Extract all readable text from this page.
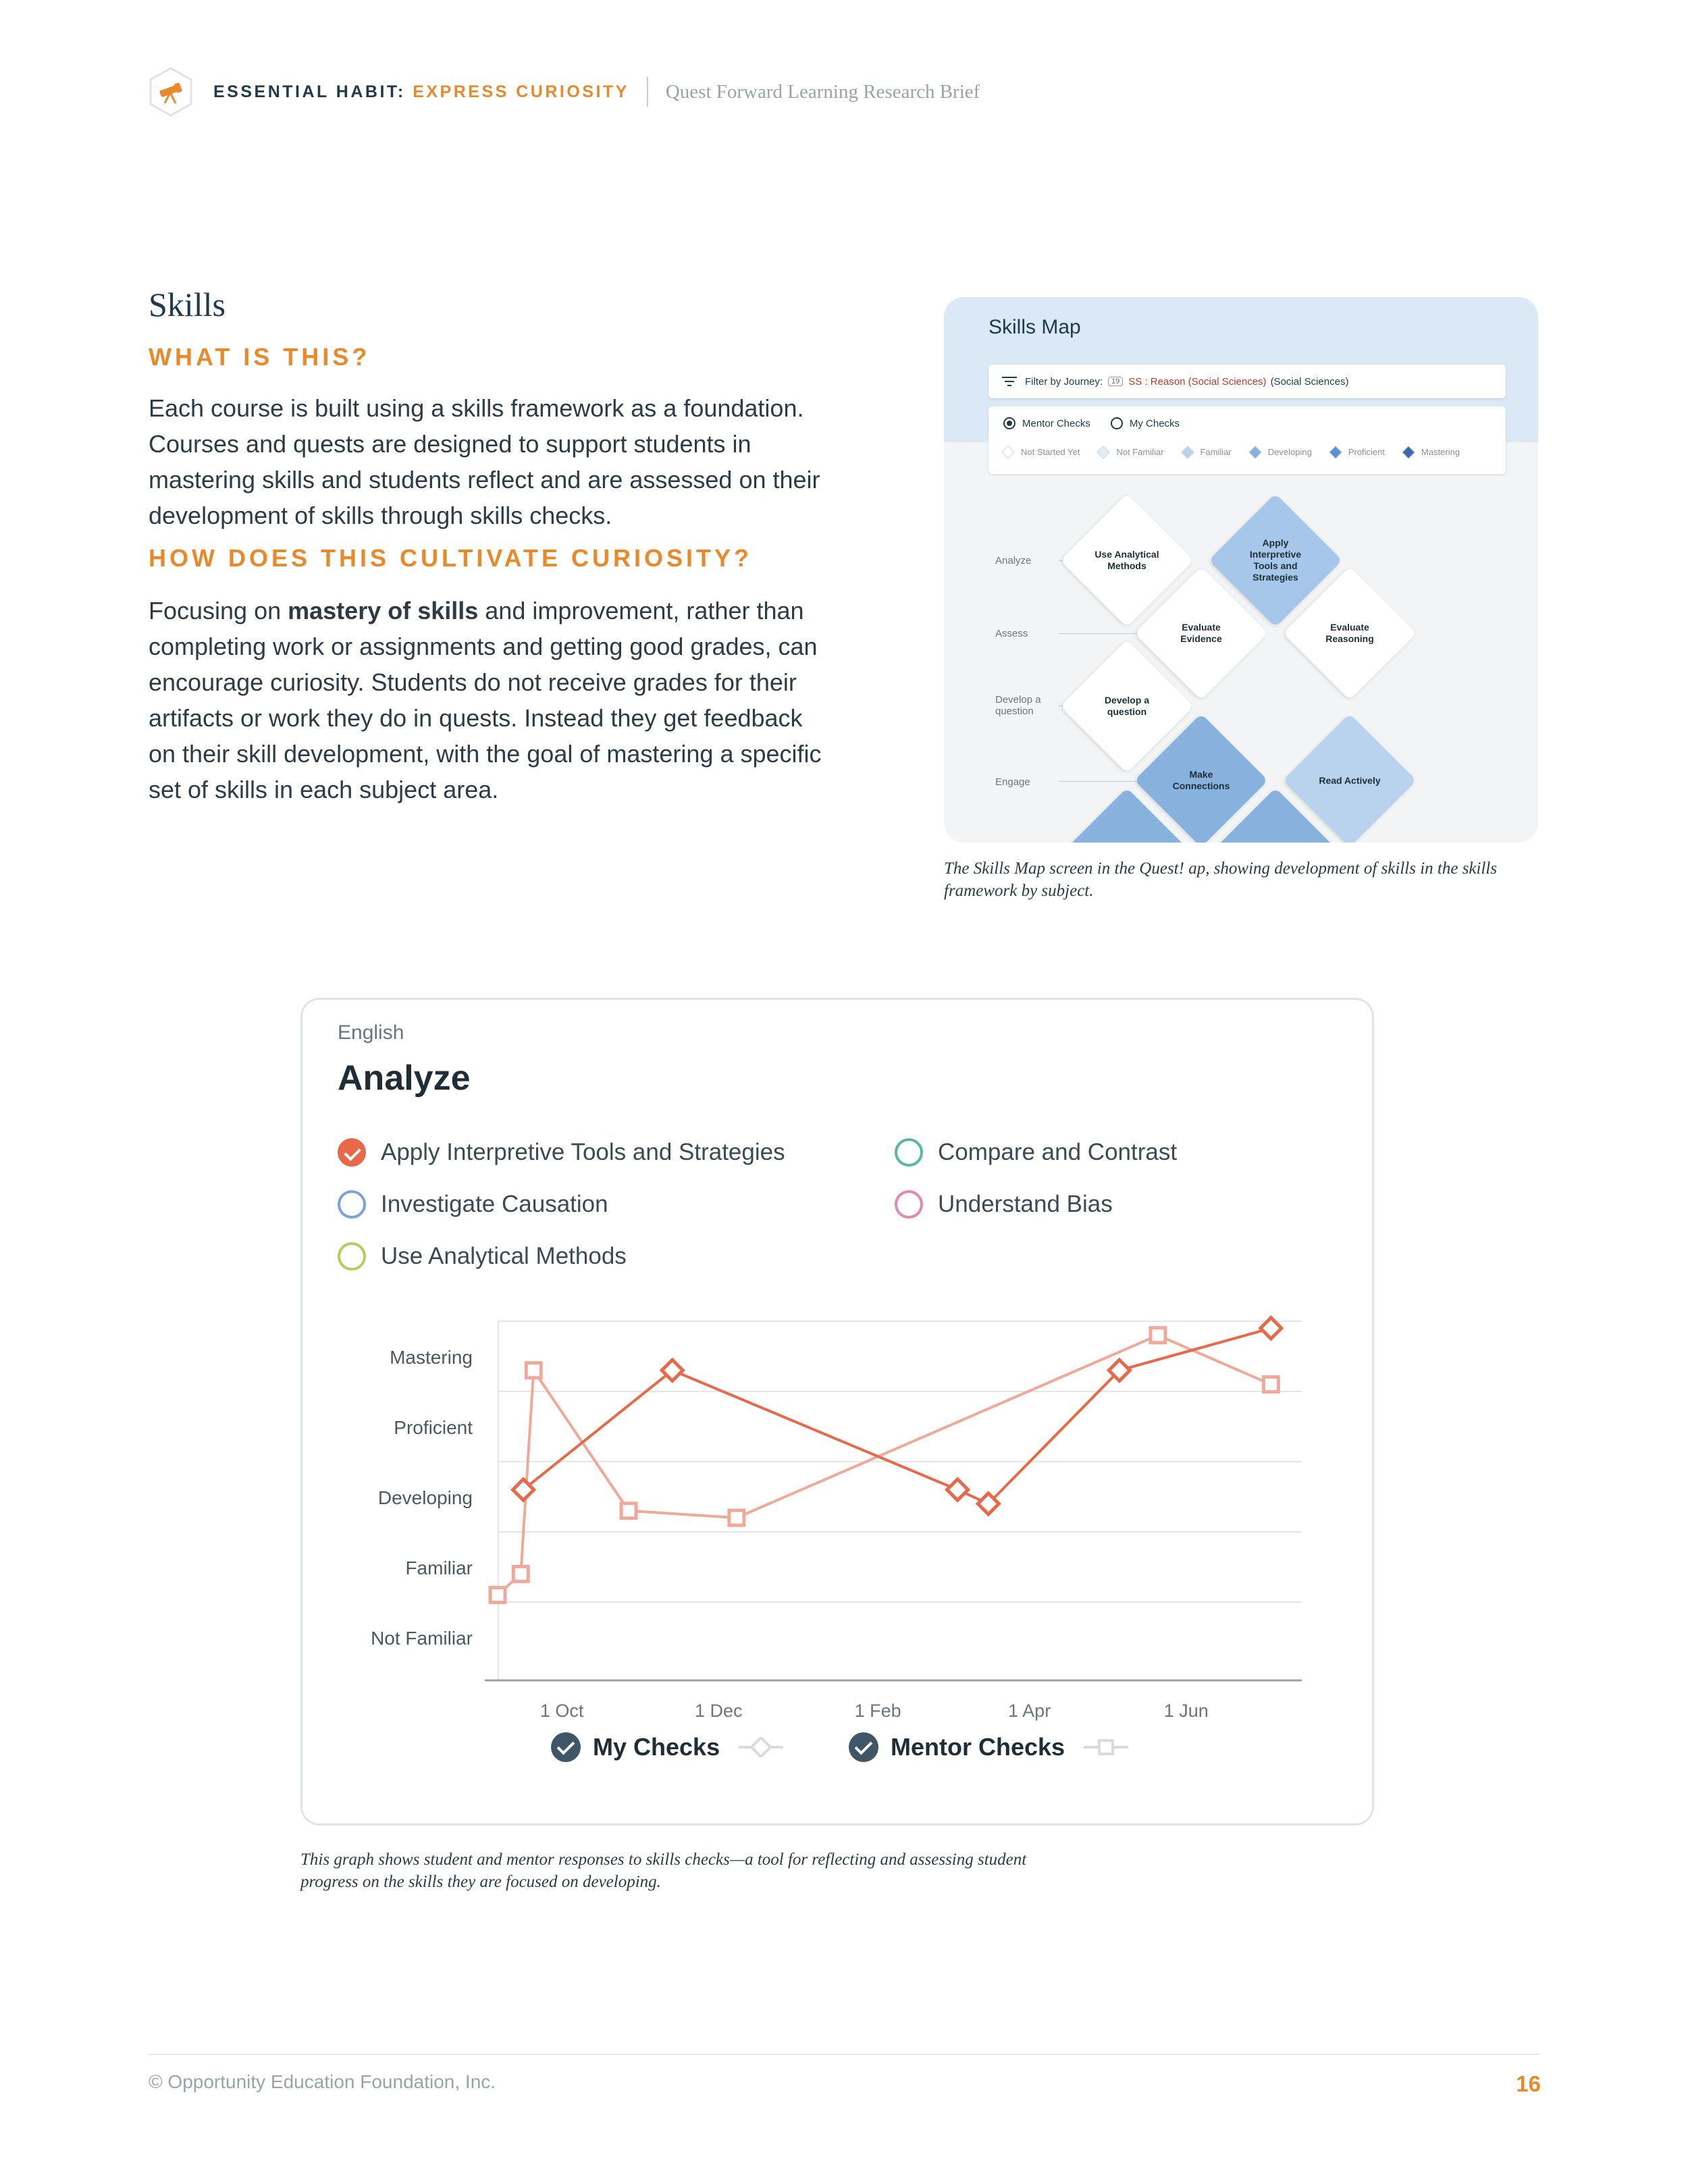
ESSENTIAL HABIT: EXPRESS CURIOSITY Quest Forward Learning Research Brief
Skills
WHAT IS THIS?
Each course is built using a skills framework as a foundation. Courses and quests are designed to support students in mastering skills and students reflect and are assessed on their development of skills through skills checks.
HOW DOES THIS CULTIVATE CURIOSITY?
Focusing on mastery of skills and improvement, rather than completing work or assignments and getting good grades, can encourage curiosity. Students do not receive grades for their artifacts or work they do in quests. Instead they get feedback on their skill development, with the goal of mastering a specific set of skills in each subject area.
Skills Map
Filter by Journey:	19 SS : Reason (Social Sciences) (Social Sciences)
Mentor Checks	My Checks
Not Started Yet	Not Familiar	Familiar	Developing	Proficient	Mastering
Analyze
Assess
Develop a question
Engage
Use Analytical Methods
Apply Interpretive Tools and Strategies
Evaluate Evidence
Evaluate Reasoning
Develop a question
Make Connections
Read Actively
The Skills Map screen in the Quest! ap, showing development of skills in the skills framework by subject.
English
Analyze
Apply Interpretive Tools and Strategies
Investigate Causation
Use Analytical Methods
Compare and Contrast
Understand Bias
Not Familiar
Familiar
Developing
Proficient
Mastering
1 Oct	1 Dec	1 Feb	1 Apr	1 Jun
My Checks	Mentor Checks
This graph shows student and mentor responses to skills checks—a tool for reflecting and assessing student progress on the skills they are focused on developing.
© Opportunity Education Foundation, Inc.	16
